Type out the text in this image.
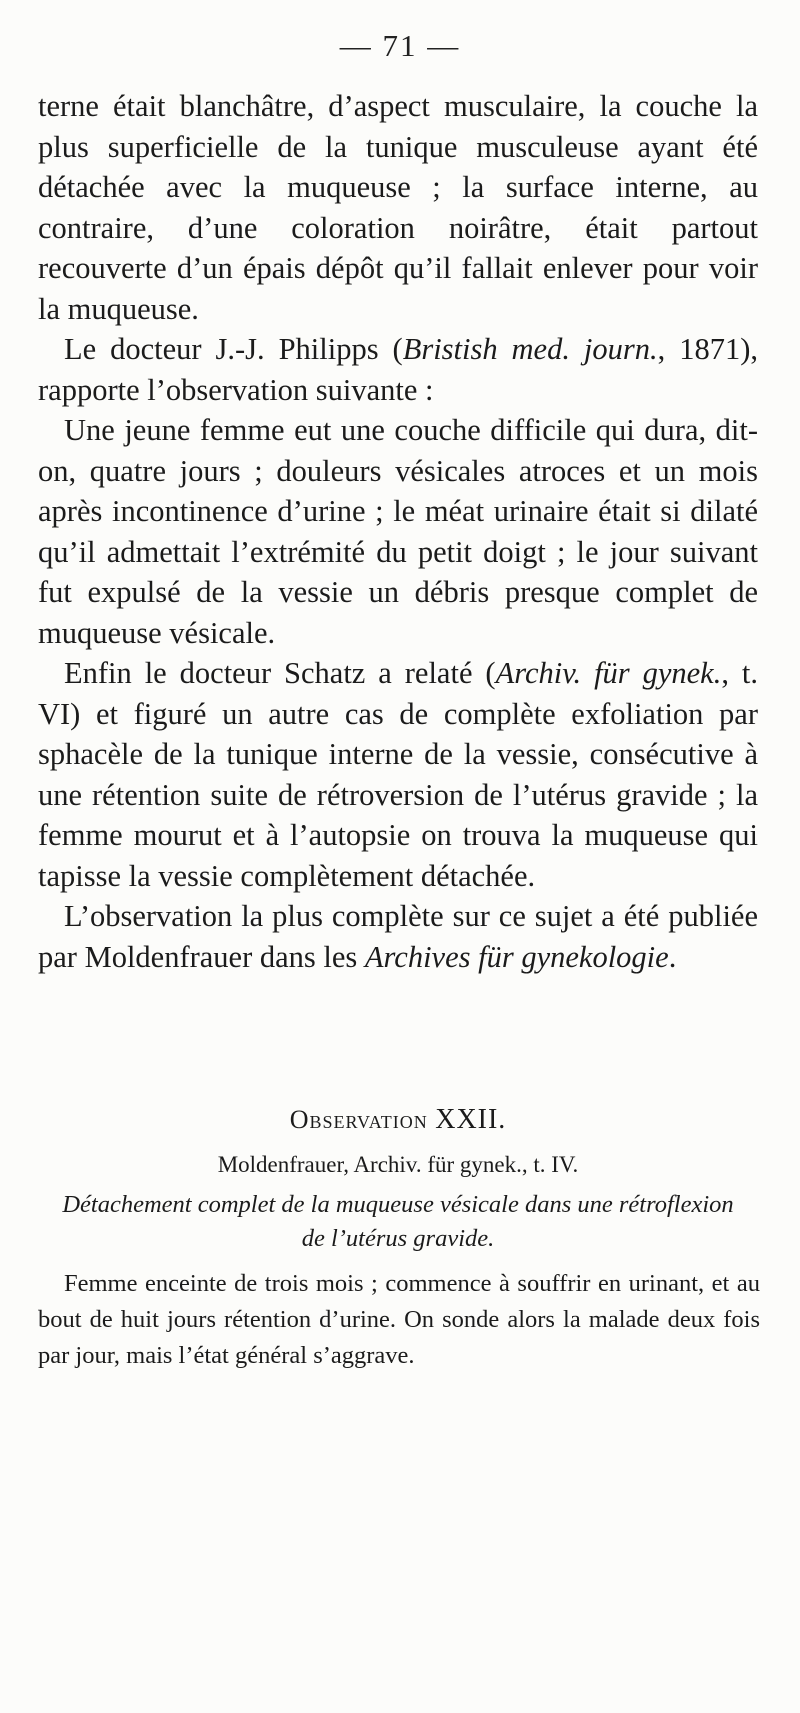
— 71 —

terne était blanchâtre, d’aspect musculaire, la couche la plus superficielle de la tunique musculeuse ayant été détachée avec la muqueuse ; la surface interne, au contraire, d’une coloration noirâtre, était partout recouverte d’un épais dépôt qu’il fallait enlever pour voir la muqueuse.

Le docteur J.-J. Philipps (Bristish med. journ., 1871), rapporte l’observation suivante :

Une jeune femme eut une couche difficile qui dura, dit-on, quatre jours ; douleurs vésicales atroces et un mois après incontinence d’urine ; le méat urinaire était si dilaté qu’il admettait l’extrémité du petit doigt ; le jour suivant fut expulsé de la vessie un débris presque complet de muqueuse vésicale.

Enfin le docteur Schatz a relaté (Archiv. für gynek., t. VI) et figuré un autre cas de complète exfoliation par sphacèle de la tunique interne de la vessie, consécutive à une rétention suite de rétroversion de l’utérus gravide ; la femme mourut et à l’autopsie on trouva la muqueuse qui tapisse la vessie complètement détachée.

L’observation la plus complète sur ce sujet a été publiée par Moldenfrauer dans les Archives für gynekologie.

Observation XXII.
Moldenfrauer, Archiv. für gynek., t. IV.
Détachement complet de la muqueuse vésicale dans une rétroflexion de l’utérus gravide.

Femme enceinte de trois mois ; commence à souffrir en urinant, et au bout de huit jours rétention d’urine. On sonde alors la malade deux fois par jour, mais l’état général s’aggrave.
